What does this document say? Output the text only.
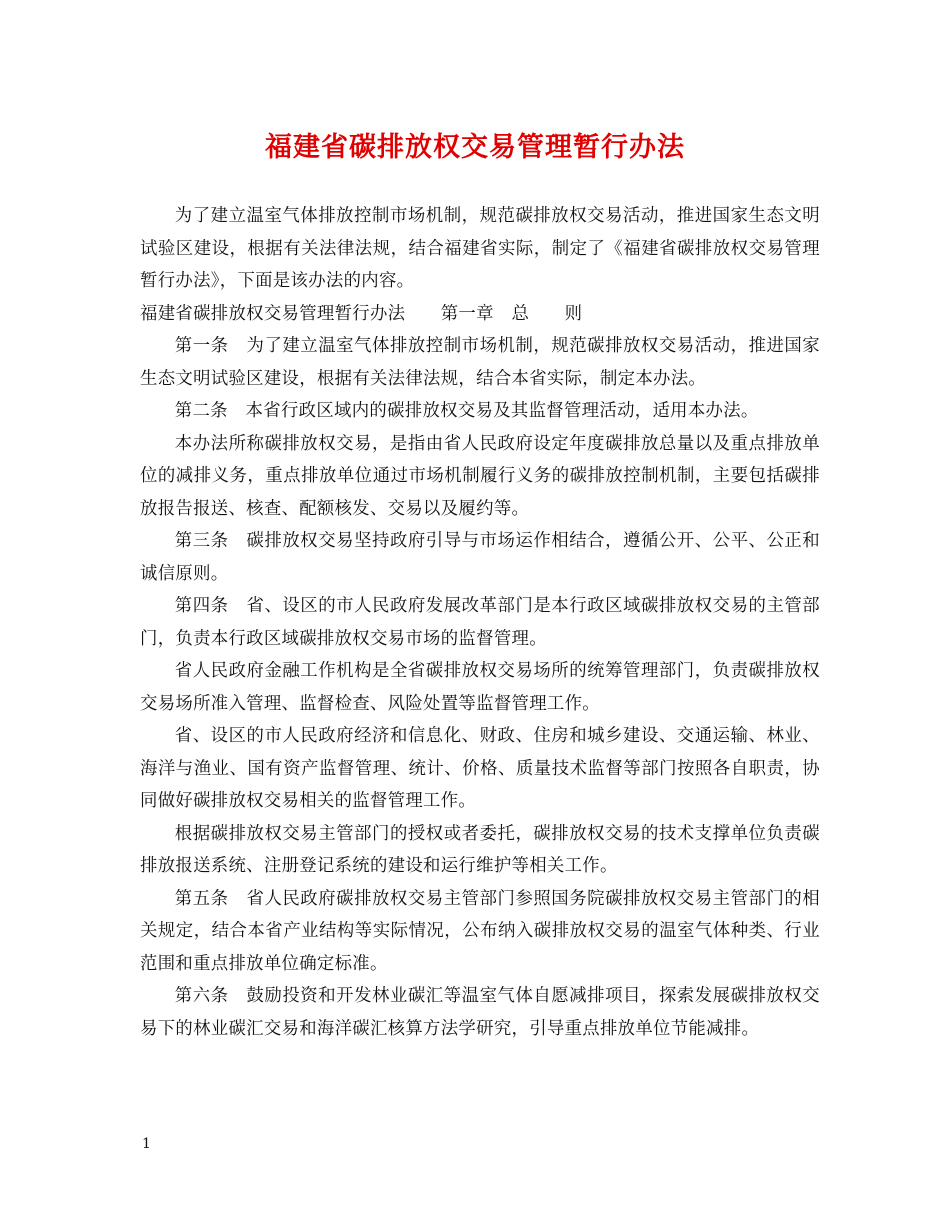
福建省碳排放权交易管理暂行办法

为了建立温室气体排放控制市场机制，规范碳排放权交易活动，推进国家生态文明试验区建设，根据有关法律法规，结合福建省实际，制定了《福建省碳排放权交易管理暂行办法》，下面是该办法的内容。

福建省碳排放权交易管理暂行办法　　第一章　总　　则

第一条　为了建立温室气体排放控制市场机制，规范碳排放权交易活动，推进国家生态文明试验区建设，根据有关法律法规，结合本省实际，制定本办法。

第二条　本省行政区域内的碳排放权交易及其监督管理活动，适用本办法。

本办法所称碳排放权交易，是指由省人民政府设定年度碳排放总量以及重点排放单位的减排义务，重点排放单位通过市场机制履行义务的碳排放控制机制，主要包括碳排放报告报送、核查、配额核发、交易以及履约等。

第三条　碳排放权交易坚持政府引导与市场运作相结合，遵循公开、公平、公正和诚信原则。

第四条　省、设区的市人民政府发展改革部门是本行政区域碳排放权交易的主管部门，负责本行政区域碳排放权交易市场的监督管理。

省人民政府金融工作机构是全省碳排放权交易场所的统筹管理部门，负责碳排放权交易场所准入管理、监督检查、风险处置等监督管理工作。

省、设区的市人民政府经济和信息化、财政、住房和城乡建设、交通运输、林业、海洋与渔业、国有资产监督管理、统计、价格、质量技术监督等部门按照各自职责，协同做好碳排放权交易相关的监督管理工作。

根据碳排放权交易主管部门的授权或者委托，碳排放权交易的技术支撑单位负责碳排放报送系统、注册登记系统的建设和运行维护等相关工作。

第五条　省人民政府碳排放权交易主管部门参照国务院碳排放权交易主管部门的相关规定，结合本省产业结构等实际情况，公布纳入碳排放权交易的温室气体种类、行业范围和重点排放单位确定标准。

第六条　鼓励投资和开发林业碳汇等温室气体自愿减排项目，探索发展碳排放权交易下的林业碳汇交易和海洋碳汇核算方法学研究，引导重点排放单位节能减排。

1
